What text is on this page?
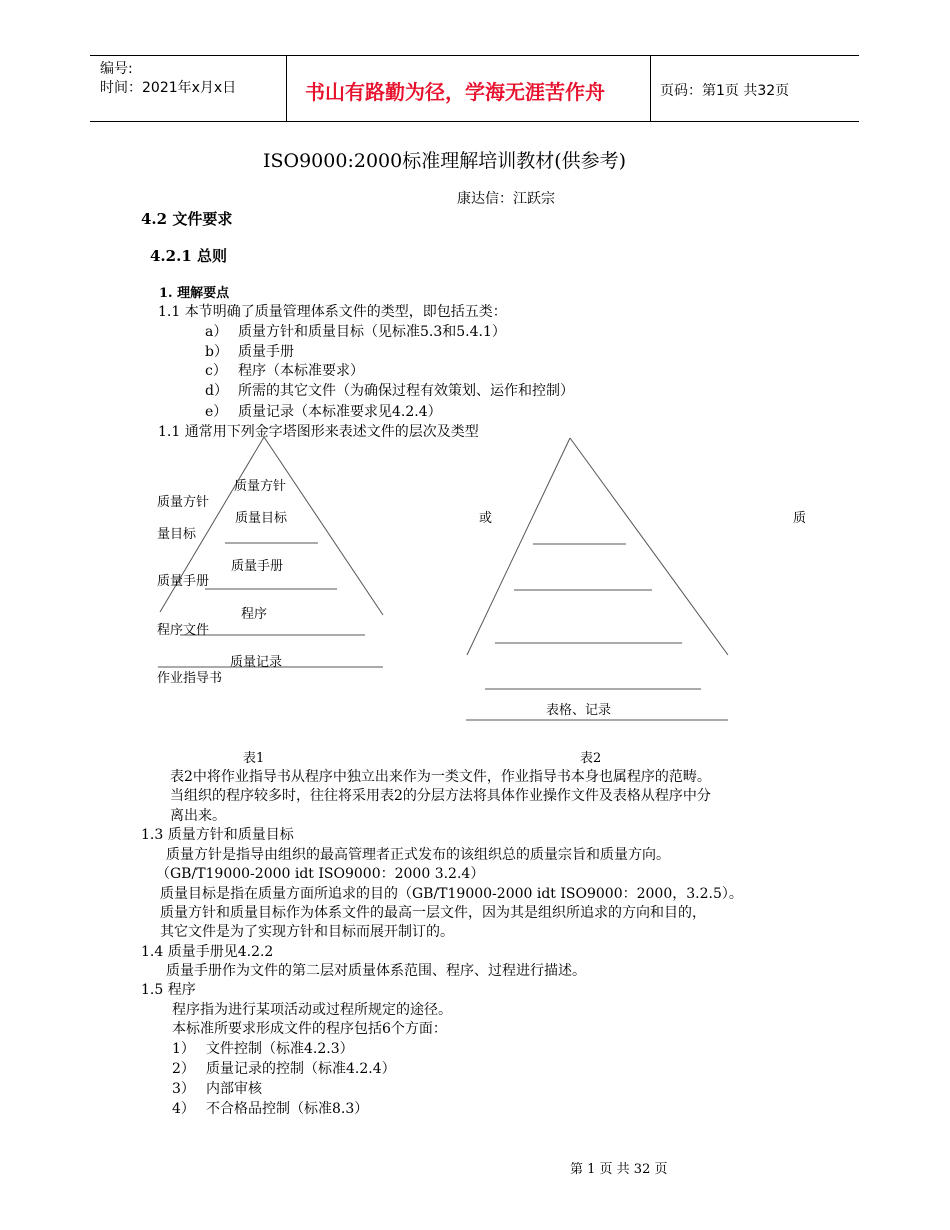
编号:
时间：2021年x月x日	书山有路勤为径，学海无涯苦作舟	页码：第1页 共32页
ISO9000:2000标准理解培训教材(供参考)
康达信：江跃宗
4.2 文件要求
4.2.1 总则
1. 理解要点
1.1 本节明确了质量管理体系文件的类型，即包括五类：
a） 质量方针和质量目标（见标准5.3和5.4.1）
b） 质量手册
c） 程序（本标准要求）
d） 所需的其它文件（为确保过程有效策划、运作和控制）
e） 质量记录（本标准要求见4.2.4）
1.1 通常用下列金字塔图形来表述文件的层次及类型
质量方针
量目标
质量手册
程序文件
作业指导书
质量方针
质量目标
质量手册
程序
质量记录
或	质
表格、记录
表1	表2
表2中将作业指导书从程序中独立出来作为一类文件，作业指导书本身也属程序的范畴。
当组织的程序较多时，往往将采用表2的分层方法将具体作业操作文件及表格从程序中分
离出来。
1.3 质量方针和质量目标
质量方针是指导由组织的最高管理者正式发布的该组织总的质量宗旨和质量方向。
（GB/T19000-2000 idt ISO9000：2000 3.2.4）
质量目标是指在质量方面所追求的目的（GB/T19000-2000 idt ISO9000：2000，3.2.5）。
质量方针和质量目标作为体系文件的最高一层文件，因为其是组织所追求的方向和目的，
其它文件是为了实现方针和目标而展开制订的。
1.4 质量手册见4.2.2
质量手册作为文件的第二层对质量体系范围、程序、过程进行描述。
1.5 程序
程序指为进行某项活动或过程所规定的途径。
本标准所要求形成文件的程序包括6个方面：
1） 文件控制（标准4.2.3）
2） 质量记录的控制（标准4.2.4）
3） 内部审核
4） 不合格品控制（标准8.3）
第 1 页 共 32 页
